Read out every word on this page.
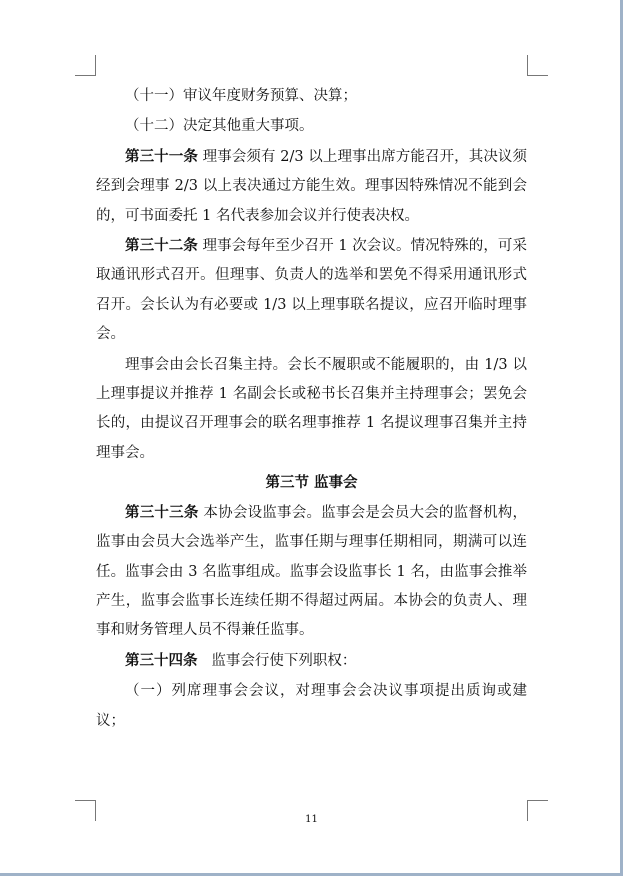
（十一）审议年度财务预算、决算；

（十二）决定其他重大事项。

第三十一条 理事会须有 2/3 以上理事出席方能召开，其决议须经到会理事 2/3 以上表决通过方能生效。理事因特殊情况不能到会的，可书面委托 1 名代表参加会议并行使表决权。

第三十二条 理事会每年至少召开 1 次会议。情况特殊的，可采取通讯形式召开。但理事、负责人的选举和罢免不得采用通讯形式召开。会长认为有必要或 1/3 以上理事联名提议，应召开临时理事会。

理事会由会长召集主持。会长不履职或不能履职的，由 1/3 以上理事提议并推荐 1 名副会长或秘书长召集并主持理事会；罢免会长的，由提议召开理事会的联名理事推荐 1 名提议理事召集并主持理事会。

第三节 监事会

第三十三条 本协会设监事会。监事会是会员大会的监督机构，监事由会员大会选举产生，监事任期与理事任期相同，期满可以连任。监事会由 3 名监事组成。监事会设监事长 1 名，由监事会推举产生，监事会监事长连续任期不得超过两届。本协会的负责人、理事和财务管理人员不得兼任监事。

第三十四条   监事会行使下列职权：

（一）列席理事会会议，对理事会会决议事项提出质询或建议；

11
